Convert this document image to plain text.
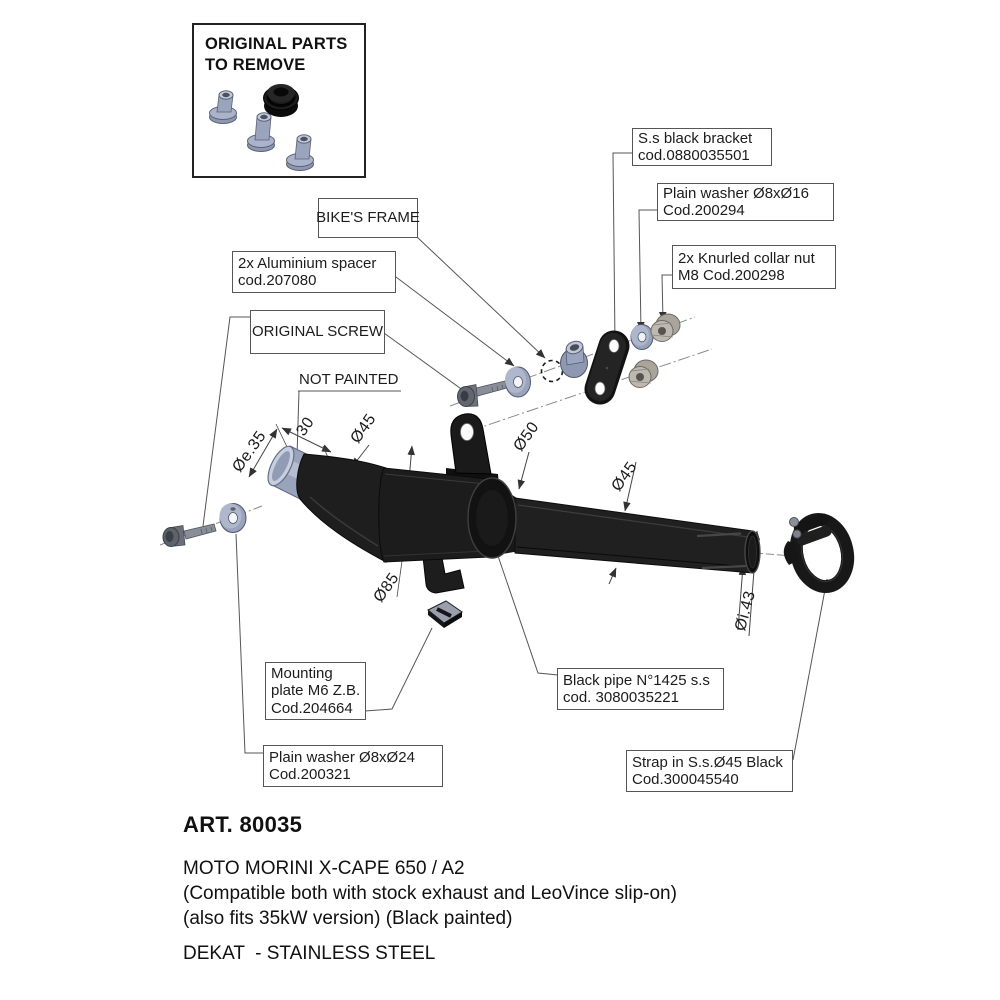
ORIGINAL PARTS
TO REMOVE
BIKE'S FRAME
2x Aluminium spacer
cod.207080
ORIGINAL SCREW
NOT PAINTED
S.s black bracket
cod.0880035501
Plain washer Ø8xØ16
Cod.200294
2x Knurled collar nut
M8 Cod.200298
Mounting
plate M6 Z.B.
Cod.204664
Plain washer Ø8xØ24
Cod.200321
Black pipe N°1425 s.s
cod. 3080035221
Strap in S.s.Ø45 Black
Cod.300045540
Øe.35
30 Ø45	Ø50
Ø45
Ø85
Øi.43
ART. 80035
MOTO MORINI X-CAPE 650 / A2
(Compatible both with stock exhaust and LeoVince slip-on)
(also fits 35kW version) (Black painted)
DEKAT  - STAINLESS STEEL
